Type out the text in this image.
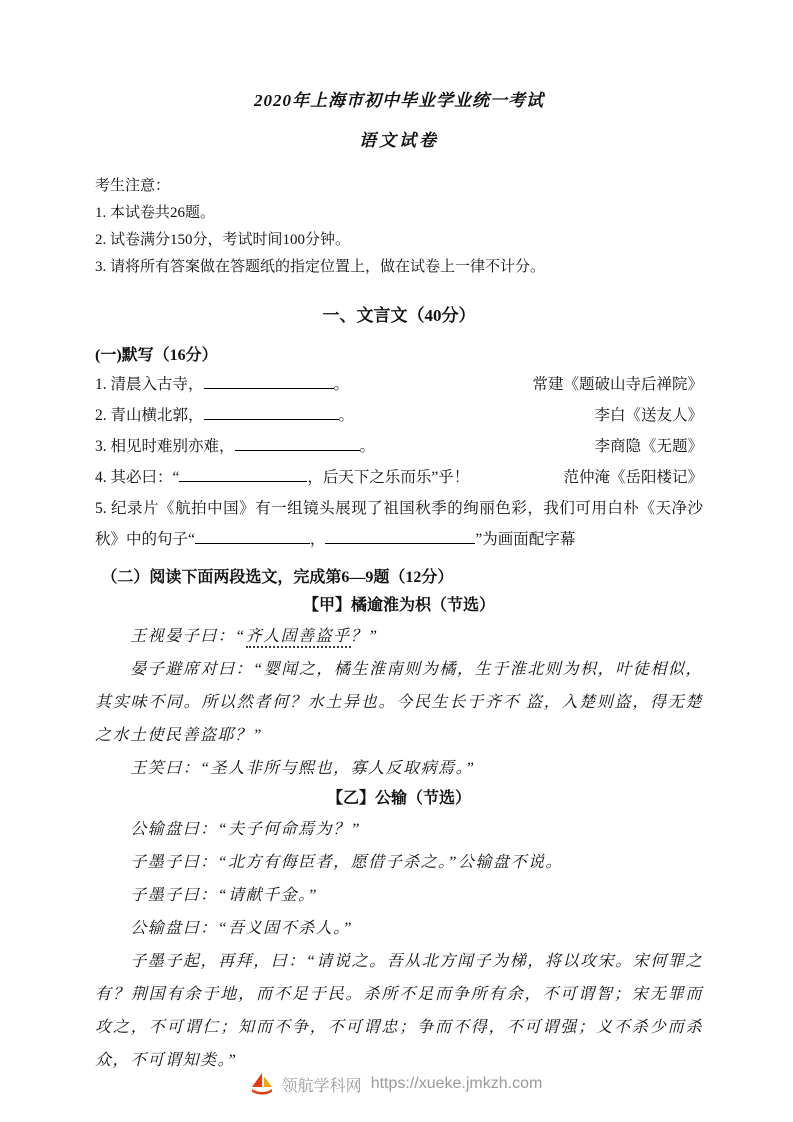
2020年上海市初中毕业学业统一考试
语文试卷
考生注意：
1. 本试卷共26题。
2. 试卷满分150分，考试时间100分钟。
3. 请将所有答案做在答题纸的指定位置上，做在试卷上一律不计分。
一、文言文（40分）
(一)默写（16分）
1. 清晨入古寺，	。	常建《题破山寺后禅院》
2. 青山横北郭，	。	李白《送友人》
3. 相见时难别亦难，	。	李商隐《无题》
4. 其必曰：“	，后天下之乐而乐”乎！	范仲淹《岳阳楼记》
5. 纪录片《航拍中国》有一组镜头展现了祖国秋季的绚丽色彩，我们可用白朴《天净沙秋》中的句子“	，	”为画面配字幕
（二）阅读下面两段选文，完成第6—9题（12分）
【甲】橘逾淮为枳（节选）

王视晏子曰：“齐人固善盗乎？”

晏子避席对曰：“婴闻之，橘生淮南则为橘，生于淮北则为枳，叶徒相似，其实味不同。所以然者何？水土异也。今民生长于齐不 盗，入楚则盗，得无楚之水土使民善盗耶？”

王笑曰：“圣人非所与熙也，寡人反取病焉。”

【乙】公输（节选）

公输盘曰：“夫子何命焉为？”

子墨子曰：“北方有侮臣者，愿借子杀之。”公输盘不说。

子墨子曰：“请献千金。”

公输盘曰：“吾义固不杀人。”

子墨子起，再拜，曰：“请说之。吾从北方闻子为梯，将以攻宋。宋何罪之有？荆国有余于地，而不足于民。杀所不足而争所有余，不可谓智；宋无罪而攻之，不可谓仁；知而不争，不可谓忠；争而不得，不可谓强；义不杀少而杀众，不可谓知类。”

领航学科网 https://xueke.jmkzh.com
